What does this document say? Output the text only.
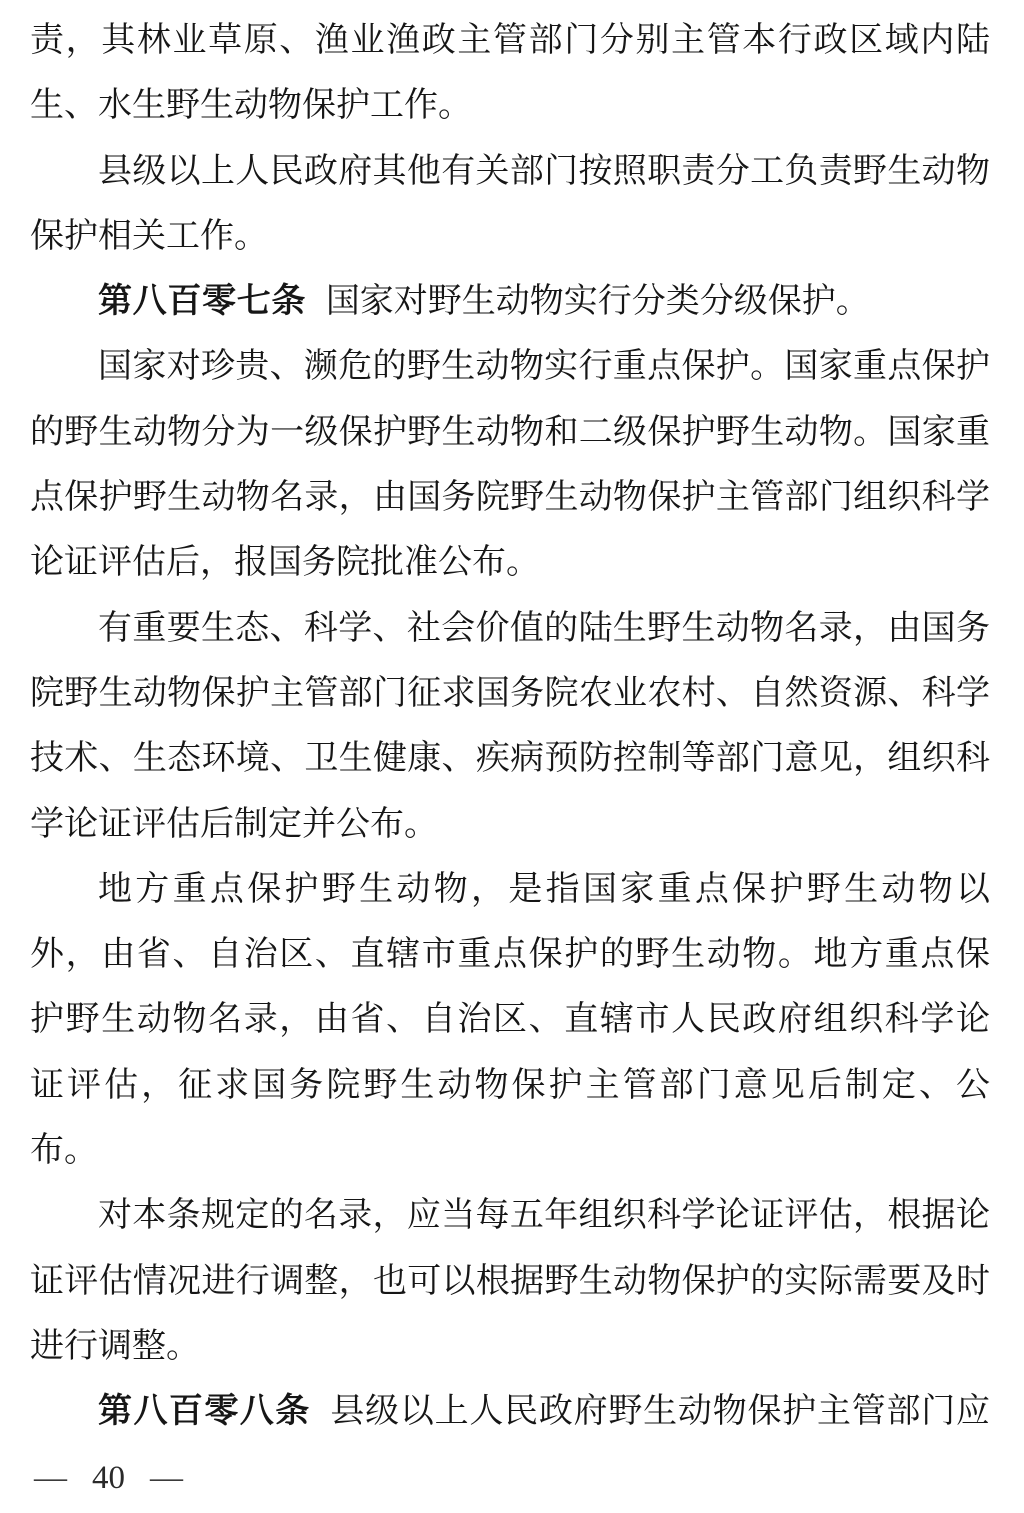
责，其林业草原、渔业渔政主管部门分别主管本行政区域内陆
生、水生野生动物保护工作。
县级以上人民政府其他有关部门按照职责分工负责野生动物
保护相关工作。
第八百零七条 国家对野生动物实行分类分级保护。
国家对珍贵、濒危的野生动物实行重点保护。国家重点保护
的野生动物分为一级保护野生动物和二级保护野生动物。国家重
点保护野生动物名录，由国务院野生动物保护主管部门组织科学
论证评估后，报国务院批准公布。
有重要生态、科学、社会价值的陆生野生动物名录，由国务
院野生动物保护主管部门征求国务院农业农村、自然资源、科学
技术、生态环境、卫生健康、疾病预防控制等部门意见，组织科
学论证评估后制定并公布。
地方重点保护野生动物，是指国家重点保护野生动物以
外，由省、自治区、直辖市重点保护的野生动物。地方重点保
护野生动物名录，由省、自治区、直辖市人民政府组织科学论
证评估，征求国务院野生动物保护主管部门意见后制定、公
布。
对本条规定的名录，应当每五年组织科学论证评估，根据论
证评估情况进行调整，也可以根据野生动物保护的实际需要及时
进行调整。
第八百零八条 县级以上人民政府野生动物保护主管部门应
— 40 —
